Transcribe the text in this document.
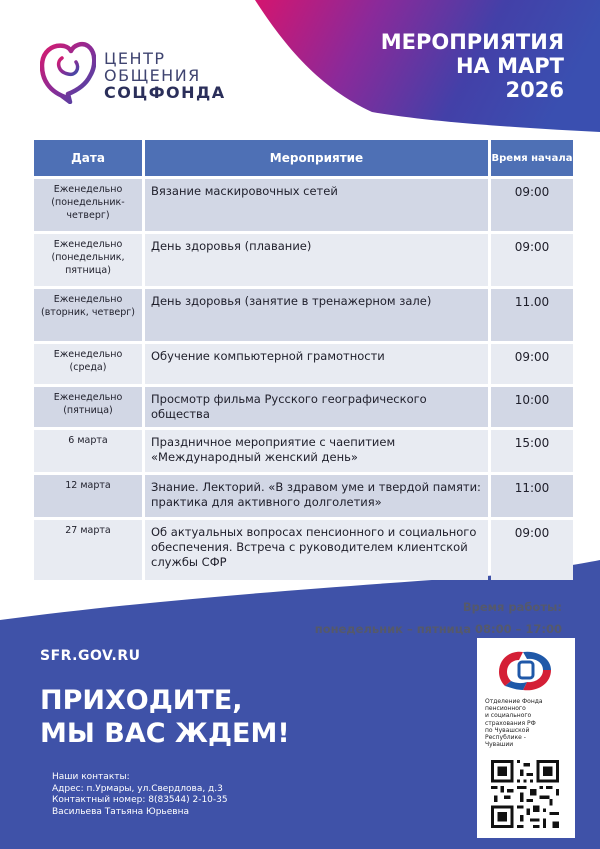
ЦЕНТР
ОБЩЕНИЯ
СОЦФОНДА
МЕРОПРИЯТИЯ
НА МАРТ
2026
Дата	Мероприятие	Время начала
Еженедельно (понедельник-четверг)	Вязание маскировочных сетей	09:00
Еженедельно (понедельник, пятница)	День здоровья (плавание)	09:00
Еженедельно (вторник, четверг)	День здоровья (занятие в тренажерном зале)	11.00
Еженедельно (среда)	Обучение компьютерной грамотности	09:00
Еженедельно (пятница)	Просмотр фильма Русского географического общества	10:00
6 марта	Праздничное мероприятие с чаепитием «Международный женский день»	15:00
12 марта	Знание. Лекторий. «В здравом уме и твердой памяти: практика для активного долголетия»	11:00
27 марта	Об актуальных вопросах пенсионного и социального обеспечения. Встреча с руководителем клиентской службы СФР	09:00
Время работы:
понедельник – пятница 08:00 – 17:00
SFR.GOV.RU
ПРИХОДИТЕ,
МЫ ВАС ЖДЕМ!
Наши контакты:
Адрес: п.Урмары, ул.Свердлова, д.3
Контактный номер: 8(83544) 2-10-35
Васильева Татьяна Юрьевна
Отделение Фонда
пенсионного
и социального
страхования РФ
по Чувашской
Республике -
Чувашии
